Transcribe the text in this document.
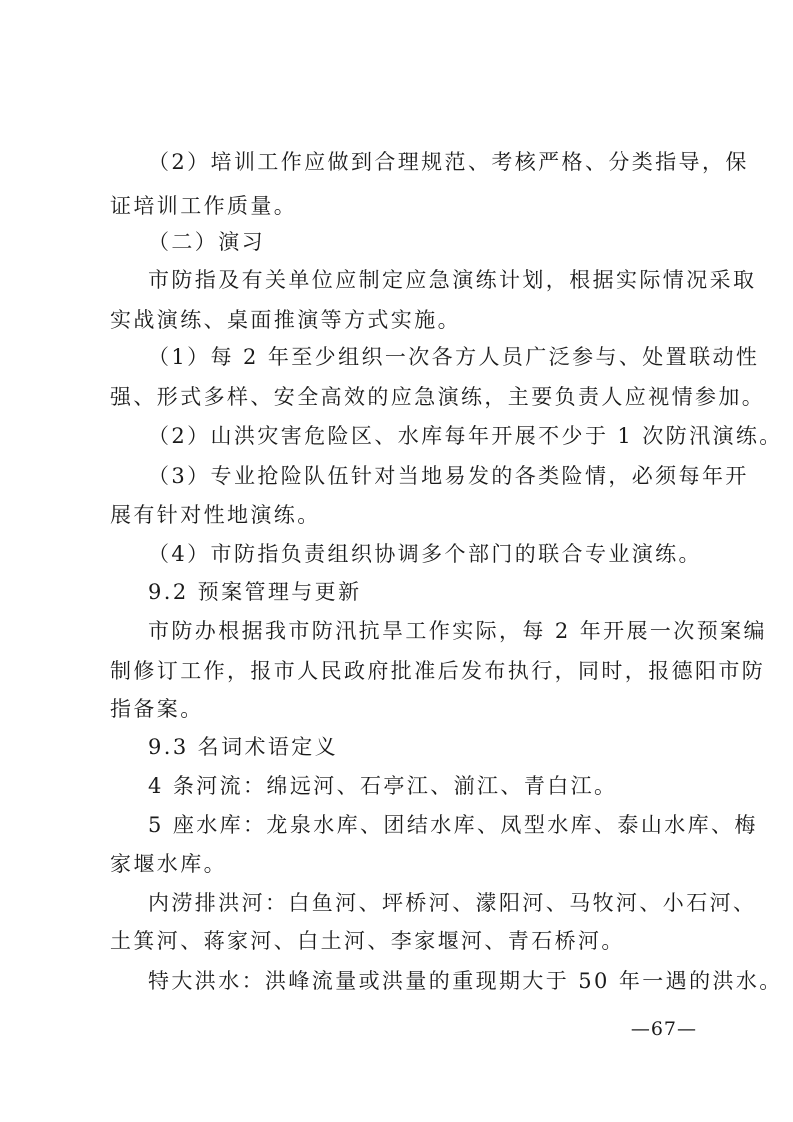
（2）培训工作应做到合理规范、考核严格、分类指导，保
证培训工作质量。
（二）演习
市防指及有关单位应制定应急演练计划，根据实际情况采取
实战演练、桌面推演等方式实施。
（1）每 2 年至少组织一次各方人员广泛参与、处置联动性
强、形式多样、安全高效的应急演练，主要负责人应视情参加。
（2）山洪灾害危险区、水库每年开展不少于 1 次防汛演练。
（3）专业抢险队伍针对当地易发的各类险情，必须每年开
展有针对性地演练。
（4）市防指负责组织协调多个部门的联合专业演练。
9.2 预案管理与更新
市防办根据我市防汛抗旱工作实际，每 2 年开展一次预案编
制修订工作，报市人民政府批准后发布执行，同时，报德阳市防
指备案。
9.3 名词术语定义
4 条河流：绵远河、石亭江、湔江、青白江。
5 座水库：龙泉水库、团结水库、凤型水库、泰山水库、梅
家堰水库。
内涝排洪河：白鱼河、坪桥河、濛阳河、马牧河、小石河、
土箕河、蒋家河、白土河、李家堰河、青石桥河。
特大洪水：洪峰流量或洪量的重现期大于 50 年一遇的洪水。
—67—
